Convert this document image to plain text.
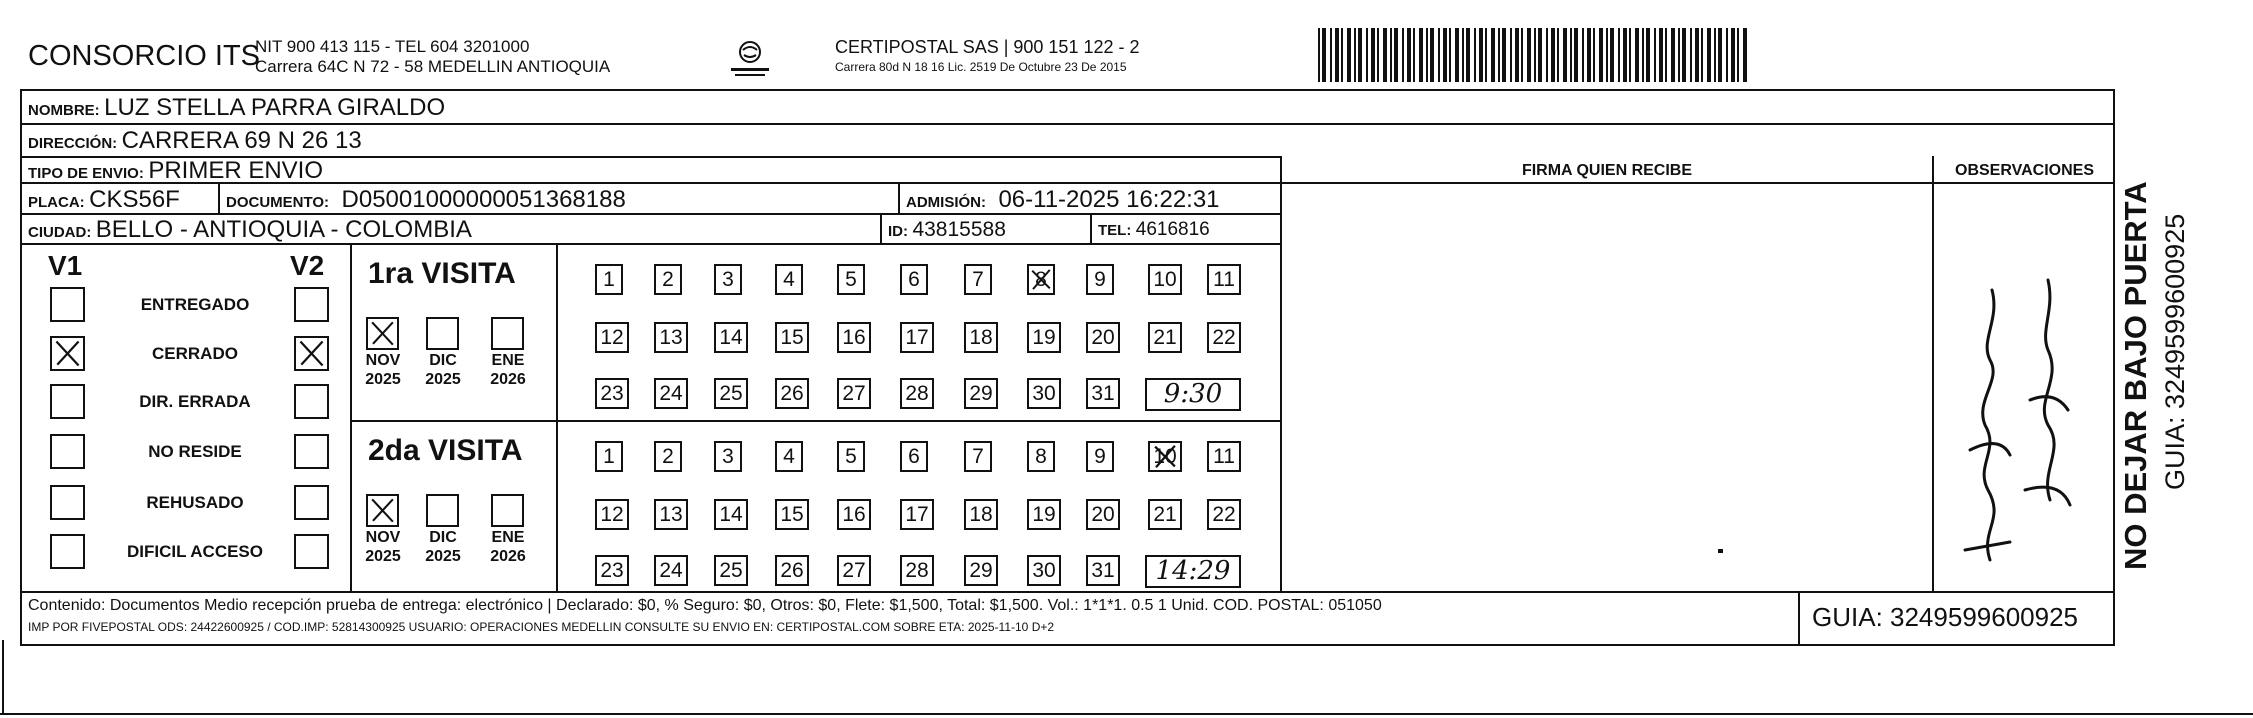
CONSORCIO ITS
NIT 900 413 115 - TEL 604 3201000
Carrera 64C N 72 - 58 MEDELLIN ANTIOQUIA
CERTIPOSTAL SAS | 900 151 122 - 2
Carrera 80d N 18 16 Lic. 2519 De Octubre 23 De 2015
NOMBRE: LUZ STELLA PARRA GIRALDO
DIRECCIÓN: CARRERA 69 N 26 13
TIPO DE ENVIO: PRIMER ENVIO	FIRMA QUIEN RECIBE	OBSERVACIONES
PLACA: CKS56F	DOCUMENTO: D05001000000051368188	ADMISIÓN: 06-11-2025 16:22:31
CIUDAD: BELLO - ANTIOQUIA - COLOMBIA	ID: 43815588	TEL: 4616816
V1	V2
ENTREGADO
CERRADO
DIR. ERRADA
NO RESIDE
REHUSADO
DIFICIL ACCESO
1ra VISITA
NOV
2025
DIC
2025
ENE
2026
1	2	3	4	5	6	7	8	9	10 11
12 13 14 15 16 17 18 19 20 21 22
23 24 25 26 27 28 29 30 31	9:30
2da VISITA
NOV
2025
DIC
2025
ENE
2026
1	2	3	4	5	6	7	8	9	10 11
12 13 14 15 16 17 18 19 20 21 22
23 24 25 26 27 28 29 30 31	14:29
Contenido: Documentos Medio recepción prueba de entrega: electrónico | Declarado: $0, % Seguro: $0, Otros: $0, Flete: $1,500, Total: $1,500. Vol.: 1*1*1. 0.5 1 Unid. COD. POSTAL: 051050
IMP POR FIVEPOSTAL ODS: 24422600925 / COD.IMP: 52814300925 USUARIO: OPERACIONES MEDELLIN CONSULTE SU ENVIO EN: CERTIPOSTAL.COM SOBRE ETA: 2025-11-10 D+2	GUIA: 3249599600925
NO DEJAR BAJO PUERTA GUIA: 3249599600925
